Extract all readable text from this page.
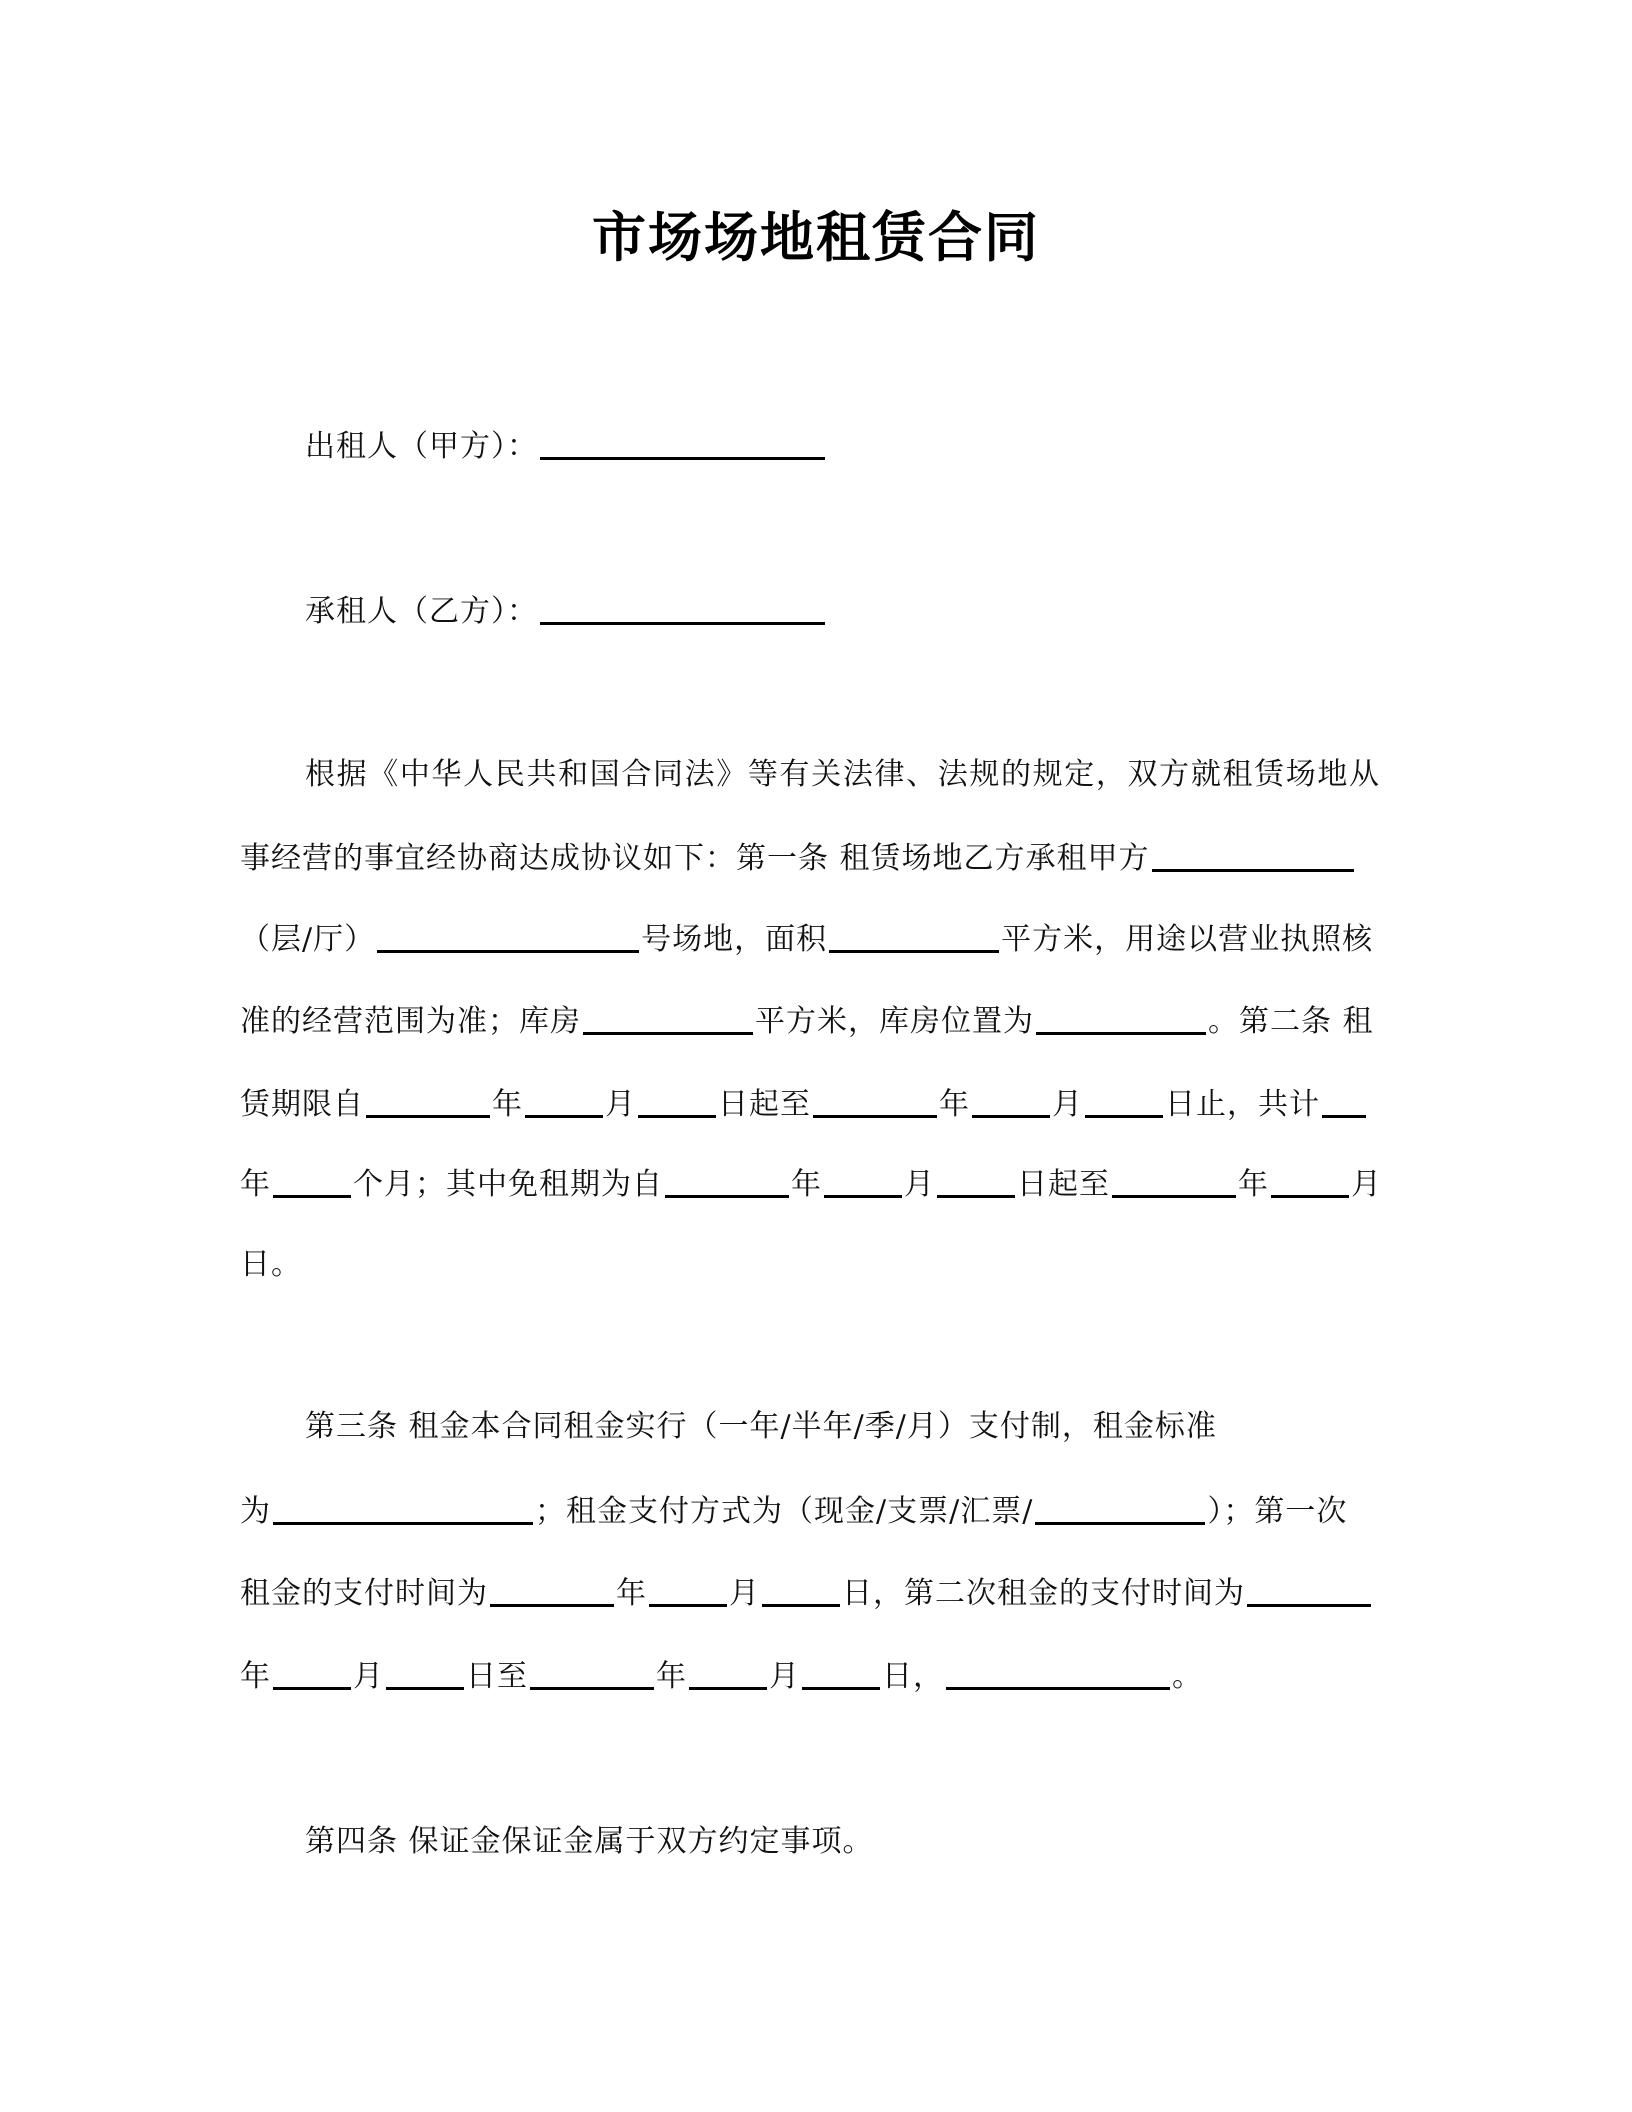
市场场地租赁合同
出租人（甲方）：
承租人（乙方）：
根据《中华人民共和国合同法》等有关法律、法规的规定，双方就租赁场地从
事经营的事宜经协商达成协议如下：第一条 租赁场地乙方承租甲方
（层/厅）	号场地，面积	平方米，用途以营业执照核
准的经营范围为准；库房	平方米，库房位置为	。第二条 租
赁期限自	年	月	日起至	年	月	日止，共计
年	个月；其中免租期为自	年	月	日起至	年	月
日。
第三条 租金本合同租金实行（一年/半年/季/月）支付制，租金标准
为	；租金支付方式为（现金/支票/汇票/	）；第一次
租金的支付时间为	年	月	日，第二次租金的支付时间为
年	月	日至	年	月	日，	。
第四条 保证金保证金属于双方约定事项。
